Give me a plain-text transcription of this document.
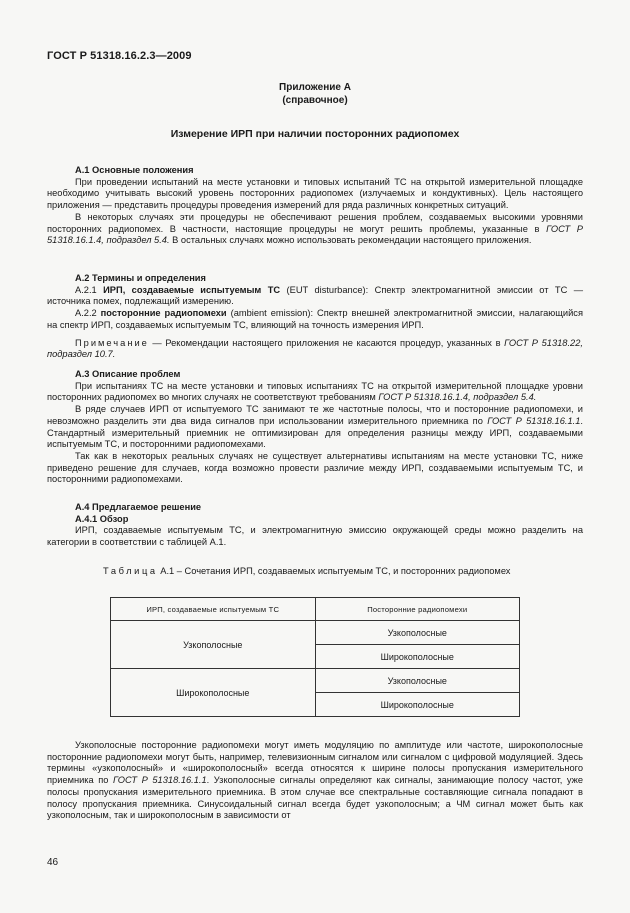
ГОСТ Р 51318.16.2.3—2009
Приложение А
(справочное)
Измерение ИРП при наличии посторонних радиопомех

А.1 Основные положения

При проведении испытаний на месте установки и типовых испытаний ТС на открытой измерительной площадке необходимо учитывать высокий уровень посторонних радиопомех (излучаемых и кондуктивных). Цель настоящего приложения — представить процедуры проведения измерений для ряда различных конкретных ситуаций.

В некоторых случаях эти процедуры не обеспечивают решения проблем, создаваемых высокими уровнями посторонних радиопомех. В частности, настоящие процедуры не могут решить проблемы, указанные в ГОСТ Р 51318.16.1.4, подраздел 5.4. В остальных случаях можно использовать рекомендации настоящего приложения.

А.2 Термины и определения

А.2.1 ИРП, создаваемые испытуемым ТС (EUT disturbance): Спектр электромагнитной эмиссии от ТС — источника помех, подлежащий измерению.

А.2.2 посторонние радиопомехи (ambient emission): Спектр внешней электромагнитной эмиссии, налагающийся на спектр ИРП, создаваемых испытуемым ТС, влияющий на точность измерения ИРП.

Примечание — Рекомендации настоящего приложения не касаются процедур, указанных в ГОСТ Р 51318.22, подраздел 10.7.

А.3 Описание проблем

При испытаниях ТС на месте установки и типовых испытаниях ТС на открытой измерительной площадке уровни посторонних радиопомех во многих случаях не соответствуют требованиям ГОСТ Р 51318.16.1.4, подраздел 5.4.

В ряде случаев ИРП от испытуемого ТС занимают те же частотные полосы, что и посторонние радиопомехи, и невозможно разделить эти два вида сигналов при использовании измерительного приемника по ГОСТ Р 51318.16.1.1. Стандартный измерительный приемник не оптимизирован для определения разницы между ИРП, создаваемыми испытуемым ТС, и посторонними радиопомехами.

Так как в некоторых реальных случаях не существует альтернативы испытаниям на месте установки ТС, ниже приведено решение для случаев, когда возможно провести различие между ИРП, создаваемыми испытуемым ТС, и посторонними радиопомехами.

А.4 Предлагаемое решение

А.4.1 Обзор

ИРП, создаваемые испытуемым ТС, и электромагнитную эмиссию окружающей среды можно разделить на категории в соответствии с таблицей А.1.

Таблица А.1 – Сочетания ИРП, создаваемых испытуемым ТС, и посторонних радиопомех
ИРП, создаваемые испытуемым ТС	Посторонние радиопомехи
Узкополосные	Узкополосные
	Широкополосные
Широкополосные	Узкополосные
	Широкополосные

Узкополосные посторонние радиопомехи могут иметь модуляцию по амплитуде или частоте, широкополосные посторонние радиопомехи могут быть, например, телевизионным сигналом или сигналом с цифровой модуляцией. Здесь термины «узкополосный» и «широкополосный» всегда относятся к ширине полосы пропускания измерительного приемника по ГОСТ Р 51318.16.1.1. Узкополосные сигналы определяют как сигналы, занимающие полосу частот, уже полосы пропускания измерительного приемника. В этом случае все спектральные составляющие сигнала попадают в полосу пропускания приемника. Синусоидальный сигнал всегда будет узкополосным; а ЧМ сигнал может быть как узкополосным, так и широкополосным в зависимости от

46
